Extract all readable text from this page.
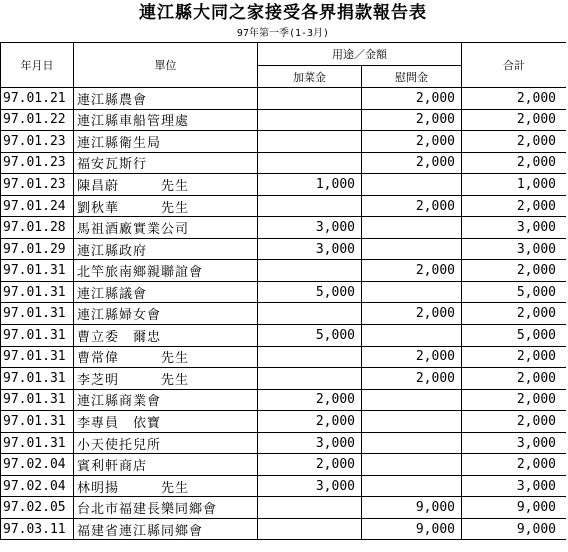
連江縣大同之家接受各界捐款報告表
97年第一季(1-3月)
年月日	單位	用途／金額		合計
		加菜金	慰問金	
97.01.21	連江縣農會		2,000	2,000
97.01.22	連江縣車船管理處		2,000	2,000
97.01.23	連江縣衛生局		2,000	2,000
97.01.23	福安瓦斯行		2,000	2,000
97.01.23	陳昌蔚　　　先生	1,000		1,000
97.01.24	劉秋華　　　先生		2,000	2,000
97.01.28	馬祖酒廠實業公司	3,000		3,000
97.01.29	連江縣政府	3,000		3,000
97.01.31	北竿旅南鄉親聯誼會		2,000	2,000
97.01.31	連江縣議會	5,000		5,000
97.01.31	連江縣婦女會		2,000	2,000
97.01.31	曹立委　爾忠	5,000		5,000
97.01.31	曹常偉　　　先生		2,000	2,000
97.01.31	李芝明　　　先生		2,000	2,000
97.01.31	連江縣商業會	2,000		2,000
97.01.31	李專員　依寶	2,000		2,000
97.01.31	小天使托兒所	3,000		3,000
97.02.04	賓利軒商店	2,000		2,000
97.02.04	林明揚　　　先生	3,000		3,000
97.02.05	台北市福建長樂同鄉會		9,000	9,000
97.03.11	福建省連江縣同鄉會		9,000	9,000
